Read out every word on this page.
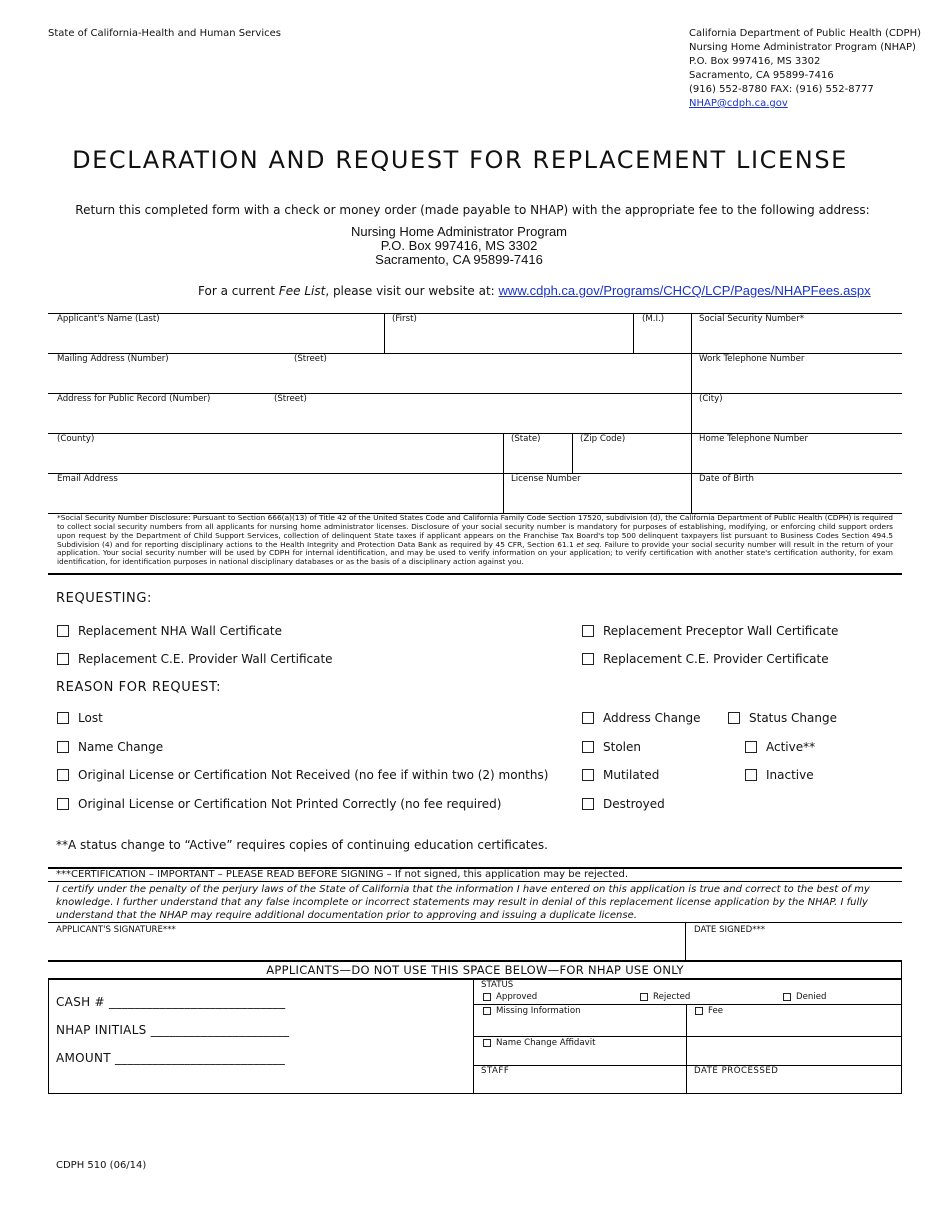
State of California-Health and Human Services	California Department of Public Health (CDPH)
Nursing Home Administrator Program (NHAP)
P.O. Box 997416, MS 3302
Sacramento, CA 95899-7416
(916) 552-8780 FAX: (916) 552-8777
NHAP@cdph.ca.gov
DECLARATION AND REQUEST FOR REPLACEMENT LICENSE
Return this completed form with a check or money order (made payable to NHAP) with the appropriate fee to the following address:
Nursing Home Administrator Program
P.O. Box 997416, MS 3302
Sacramento, CA 95899-7416
For a current Fee List, please visit our website at: www.cdph.ca.gov/Programs/CHCQ/LCP/Pages/NHAPFees.aspx
Applicant's Name (Last)	(First)	(M.I.)	Social Security Number*
Mailing Address (Number)	(Street)	Work Telephone Number
Address for Public Record (Number)	(Street)	(City)
(County)	(State)	(Zip Code)	Home Telephone Number
Email Address	License Number	Date of Birth
*Social Security Number Disclosure: Pursuant to Section 666(a)(13) of Title 42 of the United States Code and California Family Code Section 17520, subdivision (d), the California Department of Public Health (CDPH) is required to collect social security numbers from all applicants for nursing home administrator licenses. Disclosure of your social security number is mandatory for purposes of establishing, modifying, or enforcing child support orders upon request by the Department of Child Support Services, collection of delinquent State taxes if applicant appears on the Franchise Tax Board's top 500 delinquent taxpayers list pursuant to Business Codes Section 494.5 Subdivision (4) and for reporting disciplinary actions to the Health Integrity and Protection Data Bank as required by 45 CFR, Section 61.1 et seq. Failure to provide your social security number will result in the return of your application. Your social security number will be used by CDPH for internal identification, and may be used to verify information on your application; to verify certification with another state's certification authority, for exam identification, for identification purposes in national disciplinary databases or as the basis of a disciplinary action against you.
REQUESTING:
Replacement NHA Wall Certificate	Replacement Preceptor Wall Certificate
Replacement C.E. Provider Wall Certificate	Replacement C.E. Provider Certificate
REASON FOR REQUEST:
Lost
Name Change
Original License or Certification Not Received (no fee if within two (2) months)
Original License or Certification Not Printed Correctly (no fee required)
Address Change
Stolen
Mutilated
Destroyed
Status Change
Active**
Inactive
**A status change to “Active” requires copies of continuing education certificates.
***CERTIFICATION – IMPORTANT – PLEASE READ BEFORE SIGNING – If not signed, this application may be rejected.
I certify under the penalty of the perjury laws of the State of California that the information I have entered on this application is true and correct to the best of my knowledge. I further understand that any false incomplete or incorrect statements may result in denial of this replacement license application by the NHAP. I fully understand that the NHAP may require additional documentation prior to approving and issuing a duplicate license.
APPLICANT'S SIGNATURE***	DATE SIGNED***
APPLICANTS—DO NOT USE THIS SPACE BELOW—FOR NHAP USE ONLY
CASH # ____________________________
NHAP INITIALS ______________________
AMOUNT ___________________________
STATUS
Approved	Rejected	Denied
Missing Information	Fee
Name Change Affidavit
STAFF	DATE PROCESSED
CDPH 510 (06/14)
